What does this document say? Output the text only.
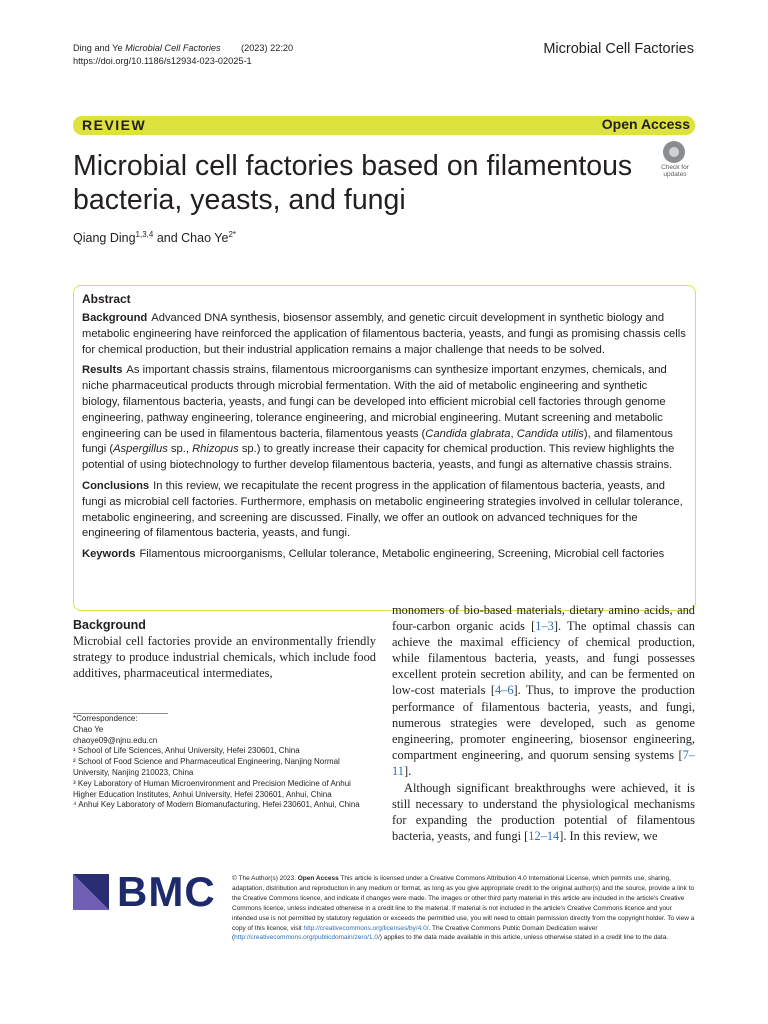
Ding and Ye Microbial Cell Factories (2023) 22:20
https://doi.org/10.1186/s12934-023-02025-1
Microbial Cell Factories
REVIEW	Open Access
Microbial cell factories based on filamentous bacteria, yeasts, and fungi
Check for
updates
Qiang Ding$^{1,3,4}$ and Chao $Ye^{2*}$
Abstract

Background Advanced DNA synthesis, biosensor assembly, and genetic circuit development in synthetic biology and metabolic engineering have reinforced the application of filamentous bacteria, yeasts, and fungi as promising chassis cells for chemical production, but their industrial application remains a major challenge that needs to be solved.

Results As important chassis strains, filamentous microorganisms can synthesize important enzymes, chemicals, and niche pharmaceutical products through microbial fermentation. With the aid of metabolic engineering and synthetic biology, filamentous bacteria, yeasts, and fungi can be developed into efficient microbial cell factories through genome engineering, pathway engineering, tolerance engineering, and microbial engineering. Mutant screening and metabolic engineering can be used in filamentous bacteria, filamentous yeasts (Candida glabrata, Candida utilis), and filamentous fungi (Aspergillus sp., Rhizopus sp.) to greatly increase their capacity for chemical production. This review highlights the potential of using biotechnology to further develop filamentous bacteria, yeasts, and fungi as alternative chassis strains.

Conclusions In this review, we recapitulate the recent progress in the application of filamentous bacteria, yeasts, and fungi as microbial cell factories. Furthermore, emphasis on metabolic engineering strategies involved in cellular tolerance, metabolic engineering, and screening are discussed. Finally, we offer an outlook on advanced techniques for the engineering of filamentous bacteria, yeasts, and fungi.

Keywords Filamentous microorganisms, Cellular tolerance, Metabolic engineering, Screening, Microbial cell factories

Background

Microbial cell factories provide an environmentally friendly strategy to produce industrial chemicals, which include food additives, pharmaceutical intermediates,

monomers of bio-based materials, dietary amino acids, and four-carbon organic acids [1–3]. The optimal chassis can achieve the maximal efficiency of chemical production, while filamentous bacteria, yeasts, and fungi possesses excellent protein secretion ability, and can be fermented on low-cost materials [4–6]. Thus, to improve the production performance of filamentous bacteria, yeasts, and fungi, numerous strategies were developed, such as genome engineering, promoter engineering, biosensor engineering, compartment engineering, and quorum sensing systems [7–11].

Although significant breakthroughs were achieved, it is still necessary to understand the physiological mechanisms for expanding the production potential of filamentous bacteria, yeasts, and fungi [12–14]. In this review, we

*Correspondence:
Chao Ye
chaoye09@njnu.edu.cn
¹ School of Life Sciences, Anhui University, Hefei 230601, China
² School of Food Science and Pharmaceutical Engineering, Nanjing Normal University, Nanjing 210023, China
³ Key Laboratory of Human Microenvironment and Precision Medicine of Anhui Higher Education Institutes, Anhui University, Hefei 230601, Anhui, China
⁴ Anhui Key Laboratory of Modern Biomanufacturing, Hefei 230601, Anhui, China
BMC	© The Author(s) 2023. Open Access This article is licensed under a Creative Commons Attribution 4.0 International License, which permits use, sharing, adaptation, distribution and reproduction in any medium or format, as long as you give appropriate credit to the original author(s) and the source, provide a link to the Creative Commons licence, and indicate if changes were made. The images or other third party material in this article are included in the article's Creative Commons licence, unless indicated otherwise in a credit line to the material. If material is not included in the article's Creative Commons licence and your intended use is not permitted by statutory regulation or exceeds the permitted use, you will need to obtain permission directly from the copyright holder. To view a copy of this licence, visit http://creativecommons.org/licenses/by/4.0/. The Creative Commons Public Domain Dedication waiver (http://creativecommons.org/publicdomain/zero/1.0/) applies to the data made available in this article, unless otherwise stated in a credit line to the data.
